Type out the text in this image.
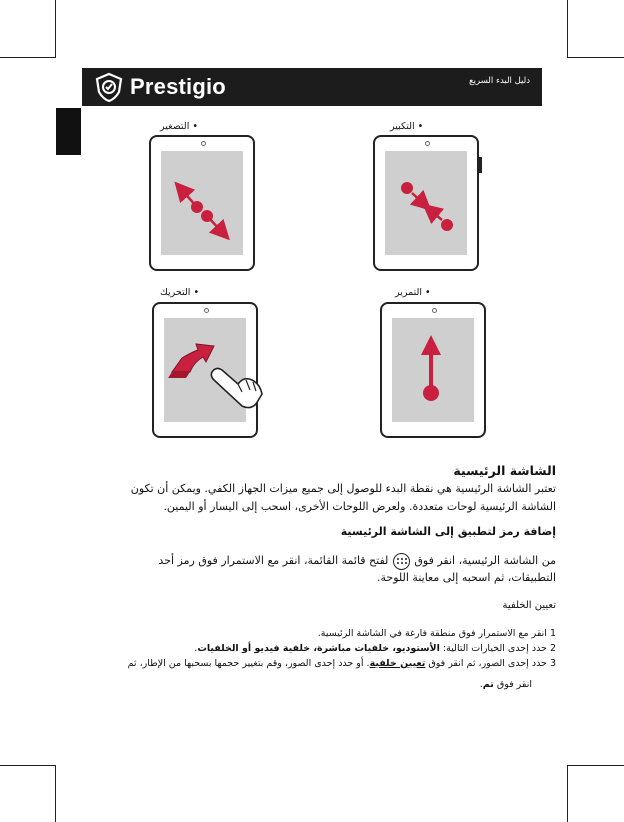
Prestigio	دليل البدء السريع
• التصغير	• التكبير
• التحريك	• التمرير
الشاشة الرئيسية
تعتبر الشاشة الرئيسية هي نقطة البدء للوصول إلى جميع ميزات الجهاز الكفي. ويمكن أن تكون
الشاشة الرئيسية لوحات متعددة. ولعرض اللوحات الأخرى، اسحب إلى اليسار أو اليمين.
إضافة رمز لتطبيق إلى الشاشة الرئيسية
من الشاشة الرئيسية، انقر فوق
لفتح قائمة القائمة، انقر مع الاستمرار فوق رمز أحد
التطبيقات، ثم اسحبه إلى معاينة اللوحة.
تعيين الخلفية
1 انقر مع الاستمرار فوق منطقة فارغة في الشاشة الرئيسية.
2 حدد إحدى الخيارات التالية: الأستوديو، خلفيات مباشرة، خلفية فيديو أو الخلفيات.
3 حدد إحدى الصور، ثم انقر فوق تعيين خلفية. أو حدد إحدى الصور، وقم بتغيير حجمها بسحبها من الإطار، ثم
انقر فوق تم.
